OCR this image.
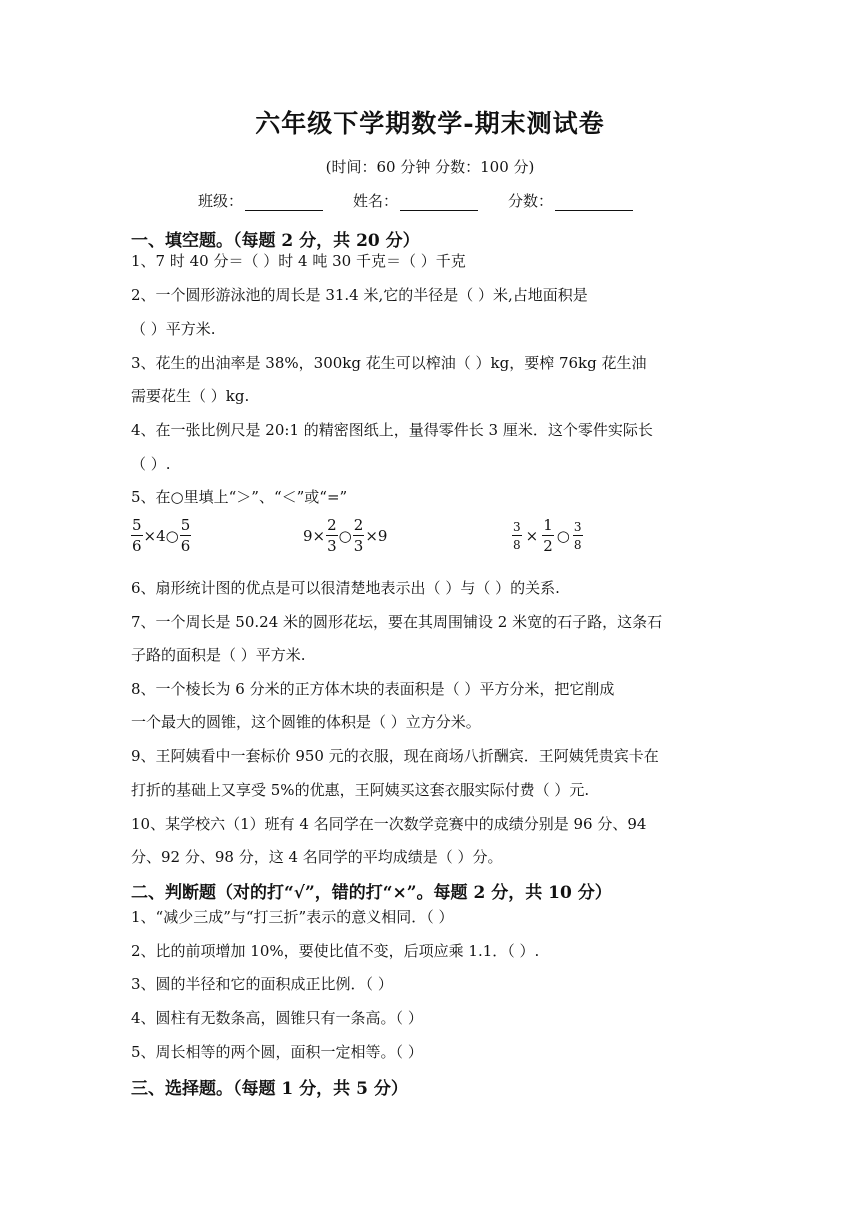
六年级下学期数学-期末测试卷
(时间：60 分钟 分数：100 分)
班级：	姓名：	分数：
一、填空题。（每题 2 分，共 20 分）
1、7 时 40 分＝（ ）时 4 吨 30 千克＝（ ）千克
2、一个圆形游泳池的周长是 31.4 米,它的半径是（ ）米,占地面积是
（ ）平方米.
3、花生的出油率是 38%，300kg 花生可以榨油（ ）kg，要榨 76kg 花生油
需要花生（ ）kg.
4、在一张比例尺是 20:1 的精密图纸上，量得零件长 3 厘米．这个零件实际长
（ ）.
5、在○里填上“＞”、“＜”或“=”
$\frac{5}{6}$ ×4○ $\frac{5}{6}$	$9\times \frac{2}{3}$ ○ $\frac{2}{3} \times 9$	$\frac{3}{8} \times \frac{1}{2}$ ○ $\frac{3}{8}$
6、扇形统计图的优点是可以很清楚地表示出（ ）与（ ）的关系.
7、一个周长是 50.24 米的圆形花坛，要在其周围铺设 2 米宽的石子路，这条石
子路的面积是（ ）平方米.
8、一个棱长为 6 分米的正方体木块的表面积是（ ）平方分米，把它削成
一个最大的圆锥，这个圆锥的体积是（ ）立方分米。
9、王阿姨看中一套标价 950 元的衣服，现在商场八折酬宾．王阿姨凭贵宾卡在
打折的基础上又享受 5%的优惠，王阿姨买这套衣服实际付费（ ）元.
10、某学校六（1）班有 4 名同学在一次数学竞赛中的成绩分别是 96 分、94
分、92 分、98 分，这 4 名同学的平均成绩是（ ）分。
二、判断题（对的打“√”，错的打“×”。每题 2 分，共 10 分）
1、“减少三成”与“打三折”表示的意义相同．（ ）
2、比的前项增加 10%，要使比值不变，后项应乘 1.1．（ ）.
3、圆的半径和它的面积成正比例．（ ）
4、圆柱有无数条高，圆锥只有一条高。（ ）
5、周长相等的两个圆，面积一定相等。（ ）
三、选择题。（每题 1 分，共 5 分）
